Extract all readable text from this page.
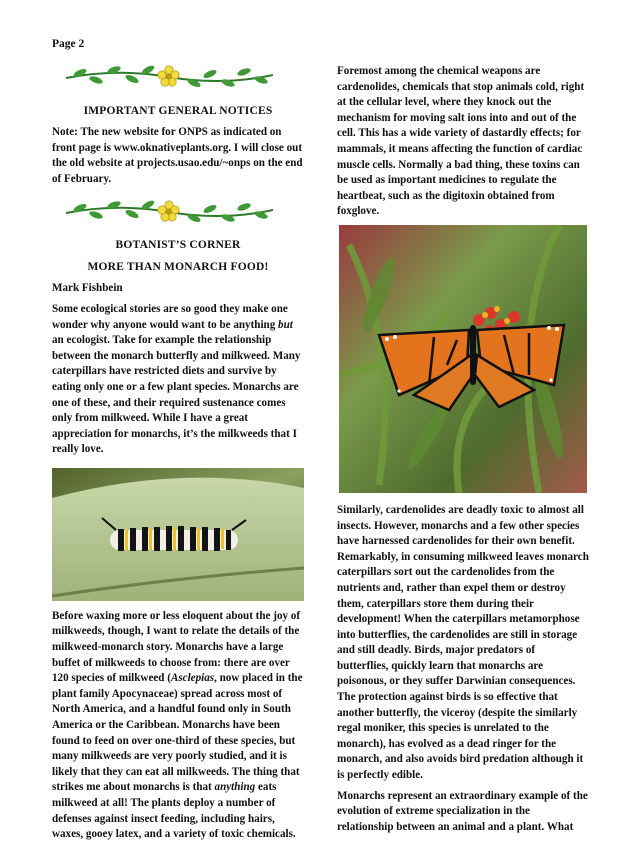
Page 2
IMPORTANT GENERAL NOTICES

Note: The new website for ONPS as indicated on front page is www.oknativeplants.org. I will close out the old website at projects.usao.edu/~onps on the end of February.

BOTANIST’S CORNER
MORE THAN MONARCH FOOD!

Mark Fishbein

Some ecological stories are so good they make one wonder why anyone would want to be anything but an ecologist. Take for example the relationship between the monarch butterfly and milkweed. Many caterpillars have restricted diets and survive by eating only one or a few plant species. Monarchs are one of these, and their required sustenance comes only from milkweed. While I have a great appreciation for monarchs, it’s the milkweeds that I really love.

Before waxing more or less eloquent about the joy of milkweeds, though, I want to relate the details of the milkweed-monarch story. Monarchs have a large buffet of milkweeds to choose from: there are over 120 species of milkweed (Asclepias, now placed in the plant family Apocynaceae) spread across most of North America, and a handful found only in South America or the Caribbean. Monarchs have been found to feed on over one-third of these species, but many milkweeds are very poorly studied, and it is likely that they can eat all milkweeds. The thing that strikes me about monarchs is that anything eats milkweed at all! The plants deploy a number of defenses against insect feeding, including hairs, waxes, gooey latex, and a variety of toxic chemicals.

Foremost among the chemical weapons are cardenolides, chemicals that stop animals cold, right at the cellular level, where they knock out the mechanism for moving salt ions into and out of the cell. This has a wide variety of dastardly effects; for mammals, it means affecting the function of cardiac muscle cells. Normally a bad thing, these toxins can be used as important medicines to regulate the heartbeat, such as the digitoxin obtained from foxglove.

Similarly, cardenolides are deadly toxic to almost all insects. However, monarchs and a few other species have harnessed cardenolides for their own benefit. Remarkably, in consuming milkweed leaves monarch caterpillars sort out the cardenolides from the nutrients and, rather than expel them or destroy them, caterpillars store them during their development! When the caterpillars metamorphose into butterflies, the cardenolides are still in storage and still deadly. Birds, major predators of butterflies, quickly learn that monarchs are poisonous, or they suffer Darwinian consequences. The protection against birds is so effective that another butterfly, the viceroy (despite the similarly regal moniker, this species is unrelated to the monarch), has evolved as a dead ringer for the monarch, and also avoids bird predation although it is perfectly edible.

Monarchs represent an extraordinary example of the evolution of extreme specialization in the relationship between an animal and a plant. What
